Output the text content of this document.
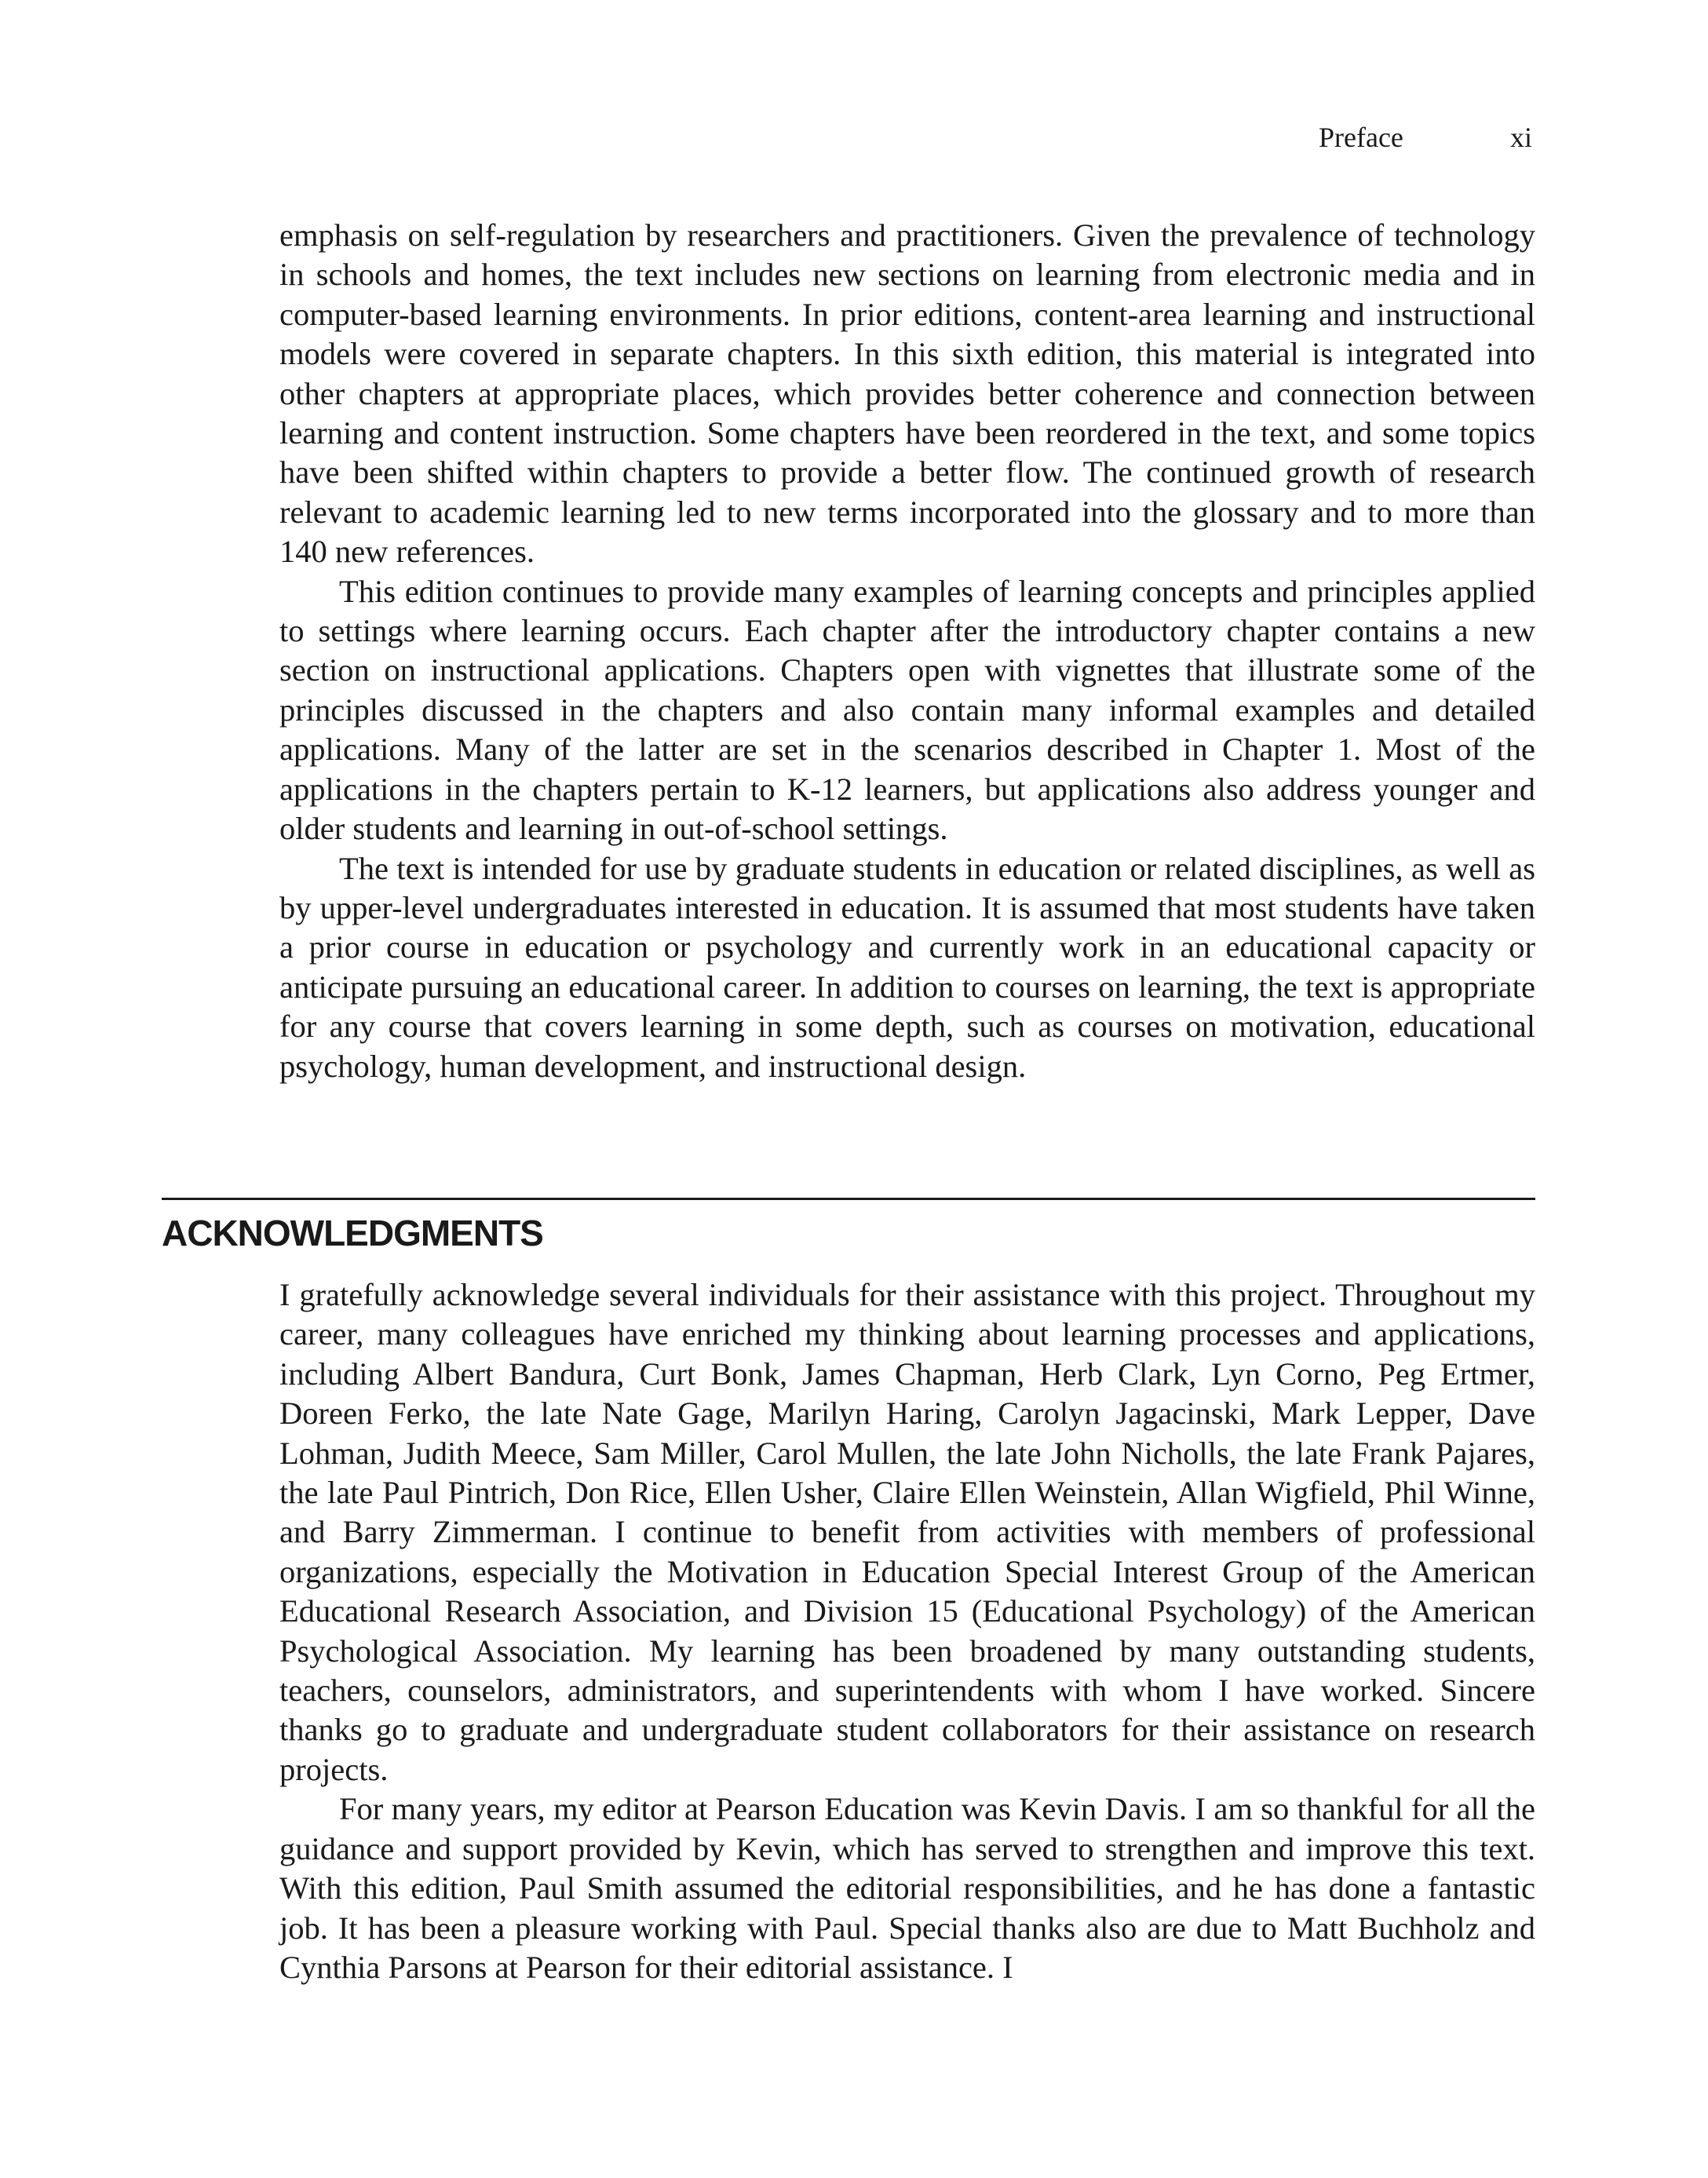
Preface	xi

emphasis on self-regulation by researchers and practitioners. Given the prevalence of technology in schools and homes, the text includes new sections on learning from electronic media and in computer-based learning environments. In prior editions, content-area learning and instructional models were covered in separate chapters. In this sixth edition, this material is integrated into other chapters at appropriate places, which provides better coherence and connection between learning and content instruction. Some chapters have been reordered in the text, and some topics have been shifted within chapters to provide a better flow. The continued growth of research relevant to academic learning led to new terms incorporated into the glossary and to more than 140 new references.

This edition continues to provide many examples of learning concepts and principles applied to settings where learning occurs. Each chapter after the introductory chapter contains a new section on instructional applications. Chapters open with vignettes that illustrate some of the principles discussed in the chapters and also contain many informal examples and detailed applications. Many of the latter are set in the scenarios described in Chapter 1. Most of the applications in the chapters pertain to K-12 learners, but applications also address younger and older students and learning in out-of-school settings.

The text is intended for use by graduate students in education or related disciplines, as well as by upper-level undergraduates interested in education. It is assumed that most students have taken a prior course in education or psychology and currently work in an educational capacity or anticipate pursuing an educational career. In addition to courses on learning, the text is appropriate for any course that covers learning in some depth, such as courses on motivation, educational psychology, human development, and instructional design.

ACKNOWLEDGMENTS

I gratefully acknowledge several individuals for their assistance with this project. Throughout my career, many colleagues have enriched my thinking about learning processes and applications, including Albert Bandura, Curt Bonk, James Chapman, Herb Clark, Lyn Corno, Peg Ertmer, Doreen Ferko, the late Nate Gage, Marilyn Haring, Carolyn Jagacinski, Mark Lepper, Dave Lohman, Judith Meece, Sam Miller, Carol Mullen, the late John Nicholls, the late Frank Pajares, the late Paul Pintrich, Don Rice, Ellen Usher, Claire Ellen Weinstein, Allan Wigfield, Phil Winne, and Barry Zimmerman. I continue to benefit from activities with members of professional organizations, especially the Motivation in Education Special Interest Group of the American Educational Research Association, and Division 15 (Educational Psychology) of the American Psychological Association. My learning has been broadened by many outstanding students, teachers, counselors, administrators, and superintendents with whom I have worked. Sincere thanks go to graduate and undergraduate student collaborators for their assistance on research projects.

For many years, my editor at Pearson Education was Kevin Davis. I am so thankful for all the guidance and support provided by Kevin, which has served to strengthen and improve this text. With this edition, Paul Smith assumed the editorial responsibilities, and he has done a fantastic job. It has been a pleasure working with Paul. Special thanks also are due to Matt Buchholz and Cynthia Parsons at Pearson for their editorial assistance. I
